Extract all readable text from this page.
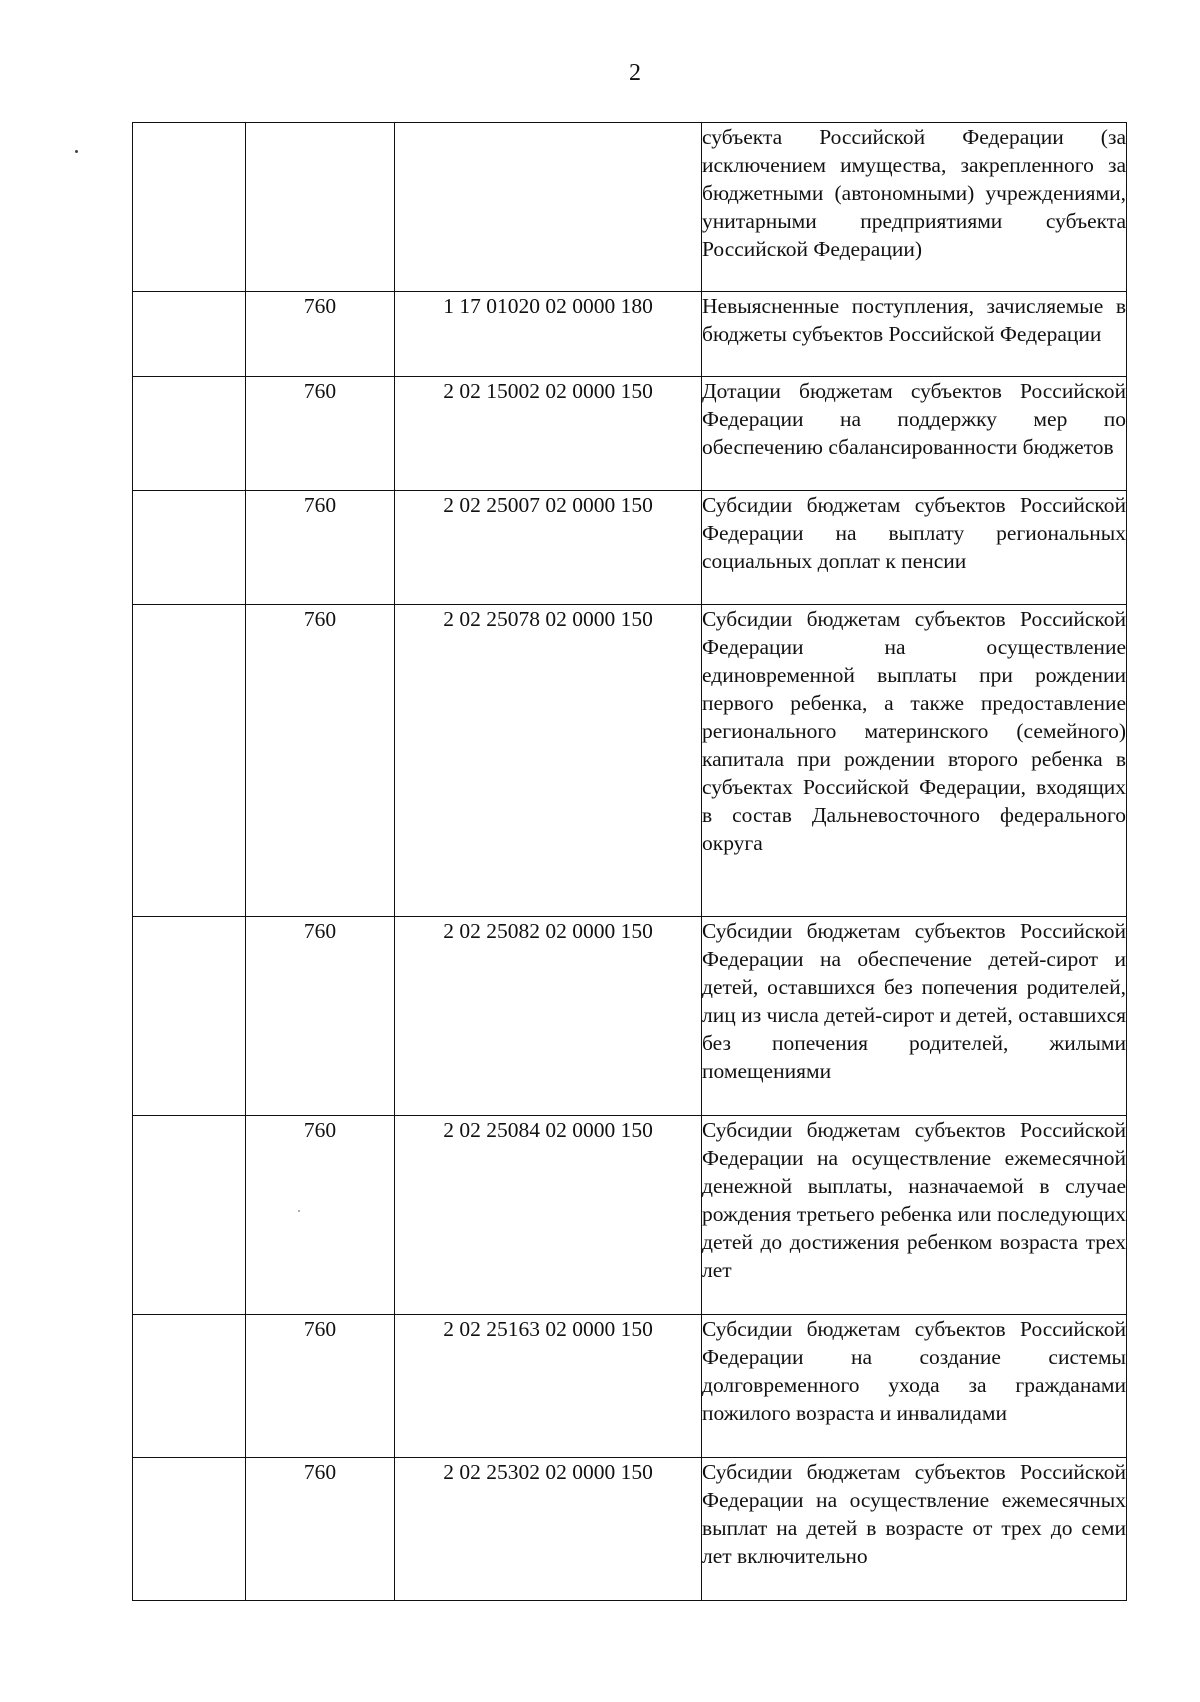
2
			субъекта Российской Федерации (за исключением имущества, закрепленного за бюджетными (автономными) учреждениями, унитарными предприятиями субъекта Российской Федерации)
	760	1 17 01020 02 0000 180	Невыясненные поступления, зачисляемые в бюджеты субъектов Российской Федерации
	760	2 02 15002 02 0000 150	Дотации бюджетам субъектов Российской Федерации на поддержку мер по обеспечению сбалансированности бюджетов
	760	2 02 25007 02 0000 150	Субсидии бюджетам субъектов Российской Федерации на выплату региональных социальных доплат к пенсии
	760	2 02 25078 02 0000 150	Субсидии бюджетам субъектов Российской Федерации на осуществление единовременной выплаты при рождении первого ребенка, а также предоставление регионального материнского (семейного) капитала при рождении второго ребенка в субъектах Российской Федерации, входящих в состав Дальневосточного федерального округа
	760	2 02 25082 02 0000 150	Субсидии бюджетам субъектов Российской Федерации на обеспечение детей-сирот и детей, оставшихся без попечения родителей, лиц из числа детей-сирот и детей, оставшихся без попечения родителей, жилыми помещениями
	760	2 02 25084 02 0000 150	Субсидии бюджетам субъектов Российской Федерации на осуществление ежемесячной денежной выплаты, назначаемой в случае рождения третьего ребенка или последующих детей до достижения ребенком возраста трех лет
	760	2 02 25163 02 0000 150	Субсидии бюджетам субъектов Российской Федерации на создание системы долговременного ухода за гражданами пожилого возраста и инвалидами
	760	2 02 25302 02 0000 150	Субсидии бюджетам субъектов Российской Федерации на осуществление ежемесячных выплат на детей в возрасте от трех до семи лет включительно
